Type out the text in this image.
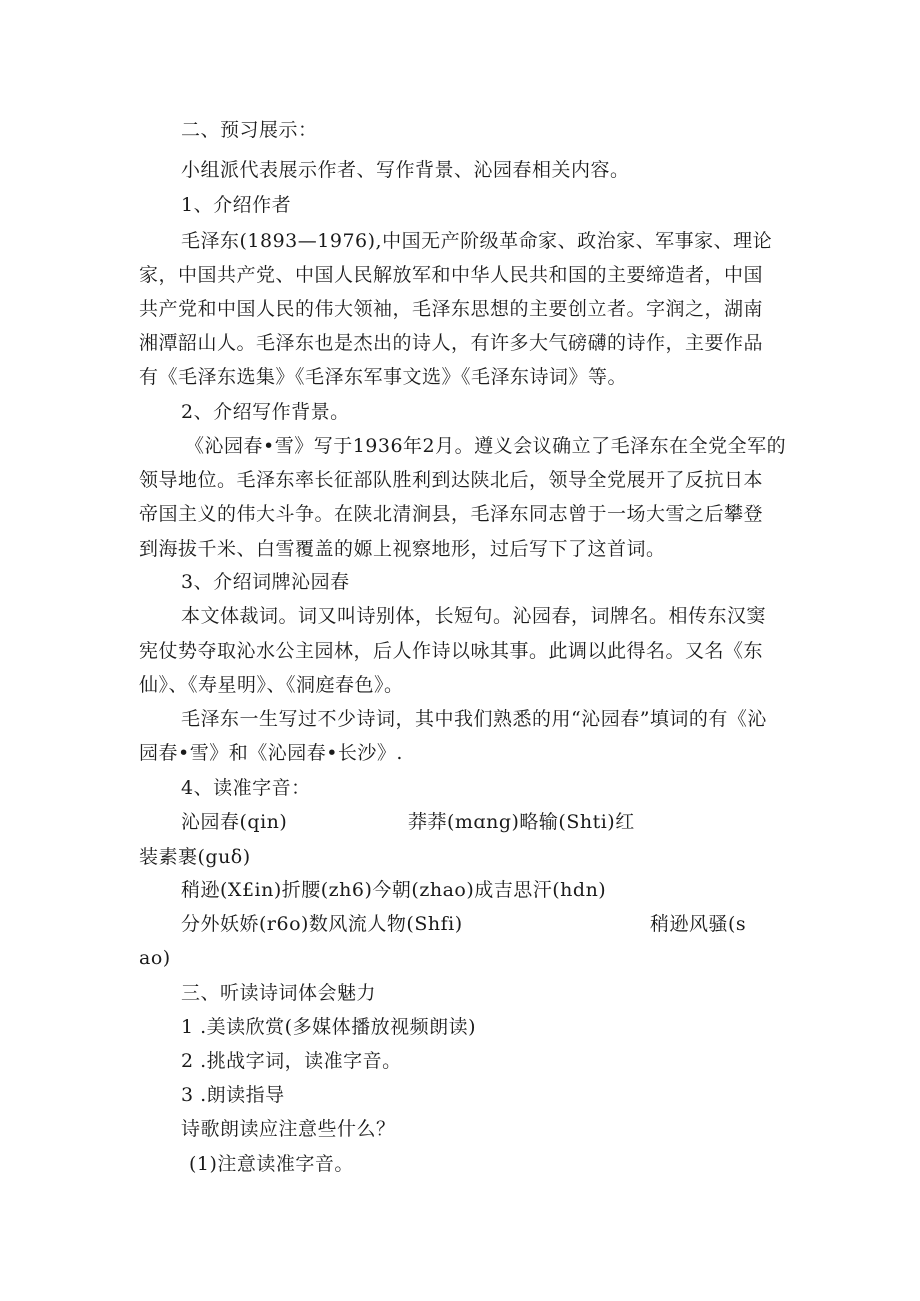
二、预习展示：
小组派代表展示作者、写作背景、沁园春相关内容。
1、介绍作者
毛泽东(1893—1976),中国无产阶级革命家、政治家、军事家、理论
家，中国共产党、中国人民解放军和中华人民共和国的主要缔造者，中国
共产党和中国人民的伟大领袖，毛泽东思想的主要创立者。字润之，湖南
湘潭韶山人。毛泽东也是杰出的诗人，有许多大气磅礴的诗作，主要作品
有《毛泽东选集》《毛泽东军事文选》《毛泽东诗词》等。
2、介绍写作背景。
《沁园春•雪》写于1936年2月。遵义会议确立了毛泽东在全党全军的
领导地位。毛泽东率长征部队胜利到达陕北后，领导全党展开了反抗日本
帝国主义的伟大斗争。在陕北清涧县，毛泽东同志曾于一场大雪之后攀登
到海拔千米、白雪覆盖的嫄上视察地形，过后写下了这首词。
3、介绍词牌沁园春
本文体裁词。词又叫诗别体，长短句。沁园春，词牌名。相传东汉窦
宪仗势夺取沁水公主园林，后人作诗以咏其事。此调以此得名。又名《东
仙》、《寿星明》、《洞庭春色》。
毛泽东一生写过不少诗词，其中我们熟悉的用“沁园春”填词的有《沁
园春•雪》和《沁园春•长沙》.
4、读准字音：
沁园春(qin)	莽莽(mɑng)略输(Shti)红
装素裹(guδ)
稍逊(X£in)折腰(zh6)今朝(zhao)成吉思汗(hdn)
分外妖娇(r6o)数风流人物(Shfi)	稍逊风骚(s
ao)
三、听读诗词体会魅力
1 .美读欣赏(多媒体播放视频朗读)
2 .挑战字词，读准字音。
3 .朗读指导
诗歌朗读应注意些什么？
(1)注意读准字音。
